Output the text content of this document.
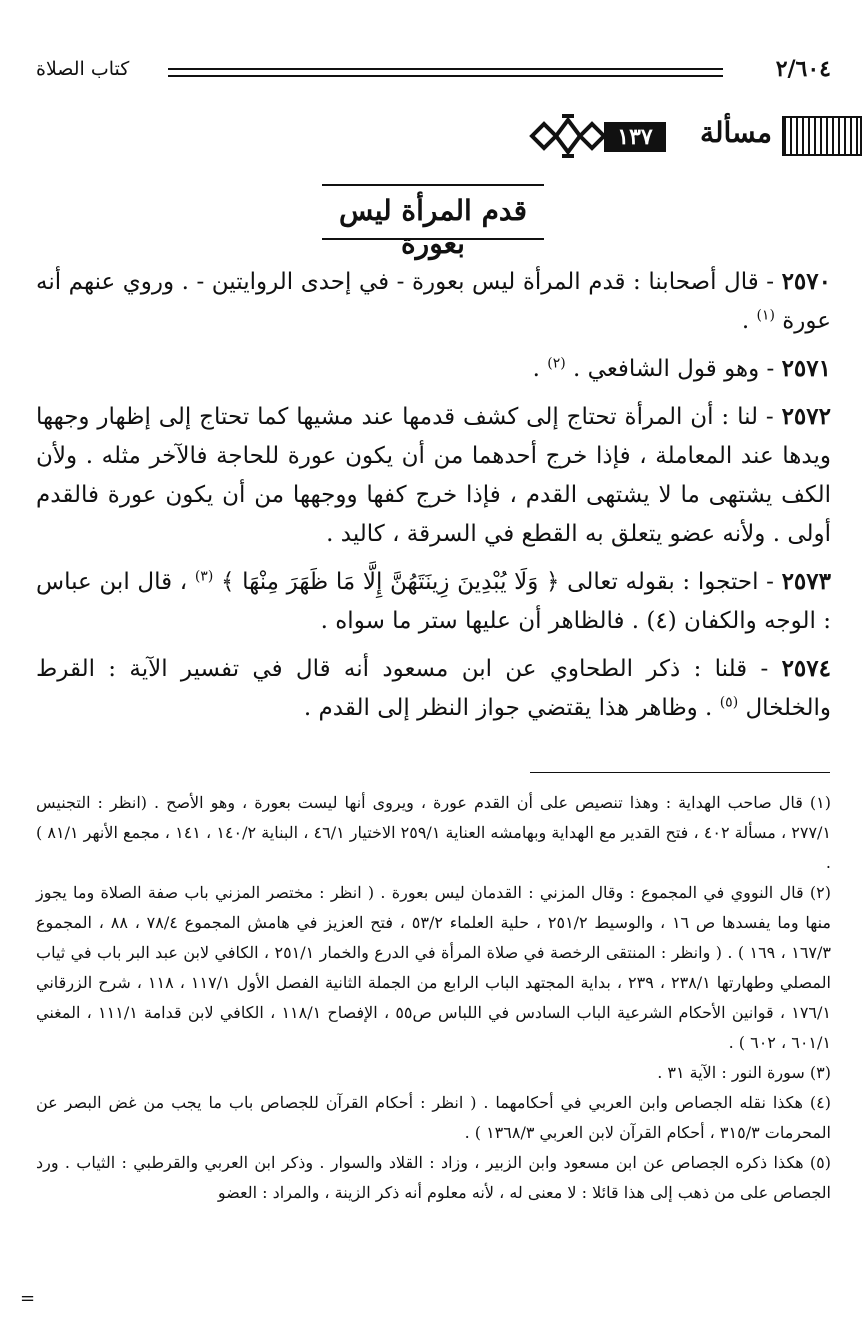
٢/٦٠٤
كتاب الصلاة
مسألة
١٣٧
قدم المرأة ليس بعورة

٢٥٧٠ - قال أصحابنا : قدم المرأة ليس بعورة - في إحدى الروايتين - . وروي عنهم أنه عورة $^{(١)}$ .

٢٥٧١ - وهو قول الشافعي . $^{(٢)}$ .

٢٥٧٢ - لنا : أن المرأة تحتاج إلى كشف قدمها عند مشيها كما تحتاج إلى إظهار وجهها ويدها عند المعاملة ، فإذا خرج أحدهما من أن يكون عورة للحاجة فالآخر مثله . ولأن الكف يشتهى ما لا يشتهى القدم ، فإذا خرج كفها ووجهها من أن يكون عورة فالقدم أولى . ولأنه عضو يتعلق به القطع في السرقة ، كاليد .

٢٥٧٣ - احتجوا : بقوله تعالى ﴿ وَلَا يُبْدِينَ زِينَتَهُنَّ إِلَّا مَا ظَهَرَ مِنْهَا ﴾ $^{(٣)}$ ، قال ابن عباس : الوجه والكفان (٤) . فالظاهر أن عليها ستر ما سواه .

٢٥٧٤ - قلنا : ذكر الطحاوي عن ابن مسعود أنه قال في تفسير الآية : القرط والخلخال $^{(٥)}$ . وظاهر هذا يقتضي جواز النظر إلى القدم .

(١) قال صاحب الهداية : وهذا تنصيص على أن القدم عورة ، ويروى أنها ليست بعورة ، وهو الأصح . (انظر : التجنيس ٢٧٧/١ ، مسألة ٤٠٢ ، فتح القدير مع الهداية وبهامشه العناية ٢٥٩/١ الاختيار ٤٦/١ ، البناية ١٤٠/٢ ، ١٤١ ، مجمع الأنهر ٨١/١ ) .

(٢) قال النووي في المجموع : وقال المزني : القدمان ليس بعورة . ( انظر : مختصر المزني باب صفة الصلاة وما يجوز منها وما يفسدها ص ١٦ ، والوسيط ٢٥١/٢ ، حلية العلماء ٥٣/٢ ، فتح العزيز في هامش المجموع ٧٨/٤ ، ٨٨ ، المجموع ١٦٧/٣ ، ١٦٩ ) . ( وانظر : المنتقى الرخصة في صلاة المرأة في الدرع والخمار ٢٥١/١ ، الكافي لابن عبد البر باب في ثياب المصلي وطهارتها ٢٣٨/١ ، ٢٣٩ ، بداية المجتهد الباب الرابع من الجملة الثانية الفصل الأول ١١٧/١ ، ١١٨ ، شرح الزرقاني ١٧٦/١ ، قوانين الأحكام الشرعية الباب السادس في اللباس ص٥٥ ، الإفصاح ١١٨/١ ، الكافي لابن قدامة ١١١/١ ، المغني ٦٠١/١ ، ٦٠٢ ) .

(٣) سورة النور : الآية ٣١ .

(٤) هكذا نقله الجصاص وابن العربي في أحكامهما . ( انظر : أحكام القرآن للجصاص باب ما يجب من غض البصر عن المحرمات ٣١٥/٣ ، أحكام القرآن لابن العربي ١٣٦٨/٣ ) .

(٥) هكذا ذكره الجصاص عن ابن مسعود وابن الزبير ، وزاد : القلاد والسوار . وذكر ابن العربي والقرطبي : الثياب . ورد الجصاص على من ذهب إلى هذا قائلا : لا معنى له ، لأنه معلوم أنه ذكر الزينة ، والمراد : العضو

=
